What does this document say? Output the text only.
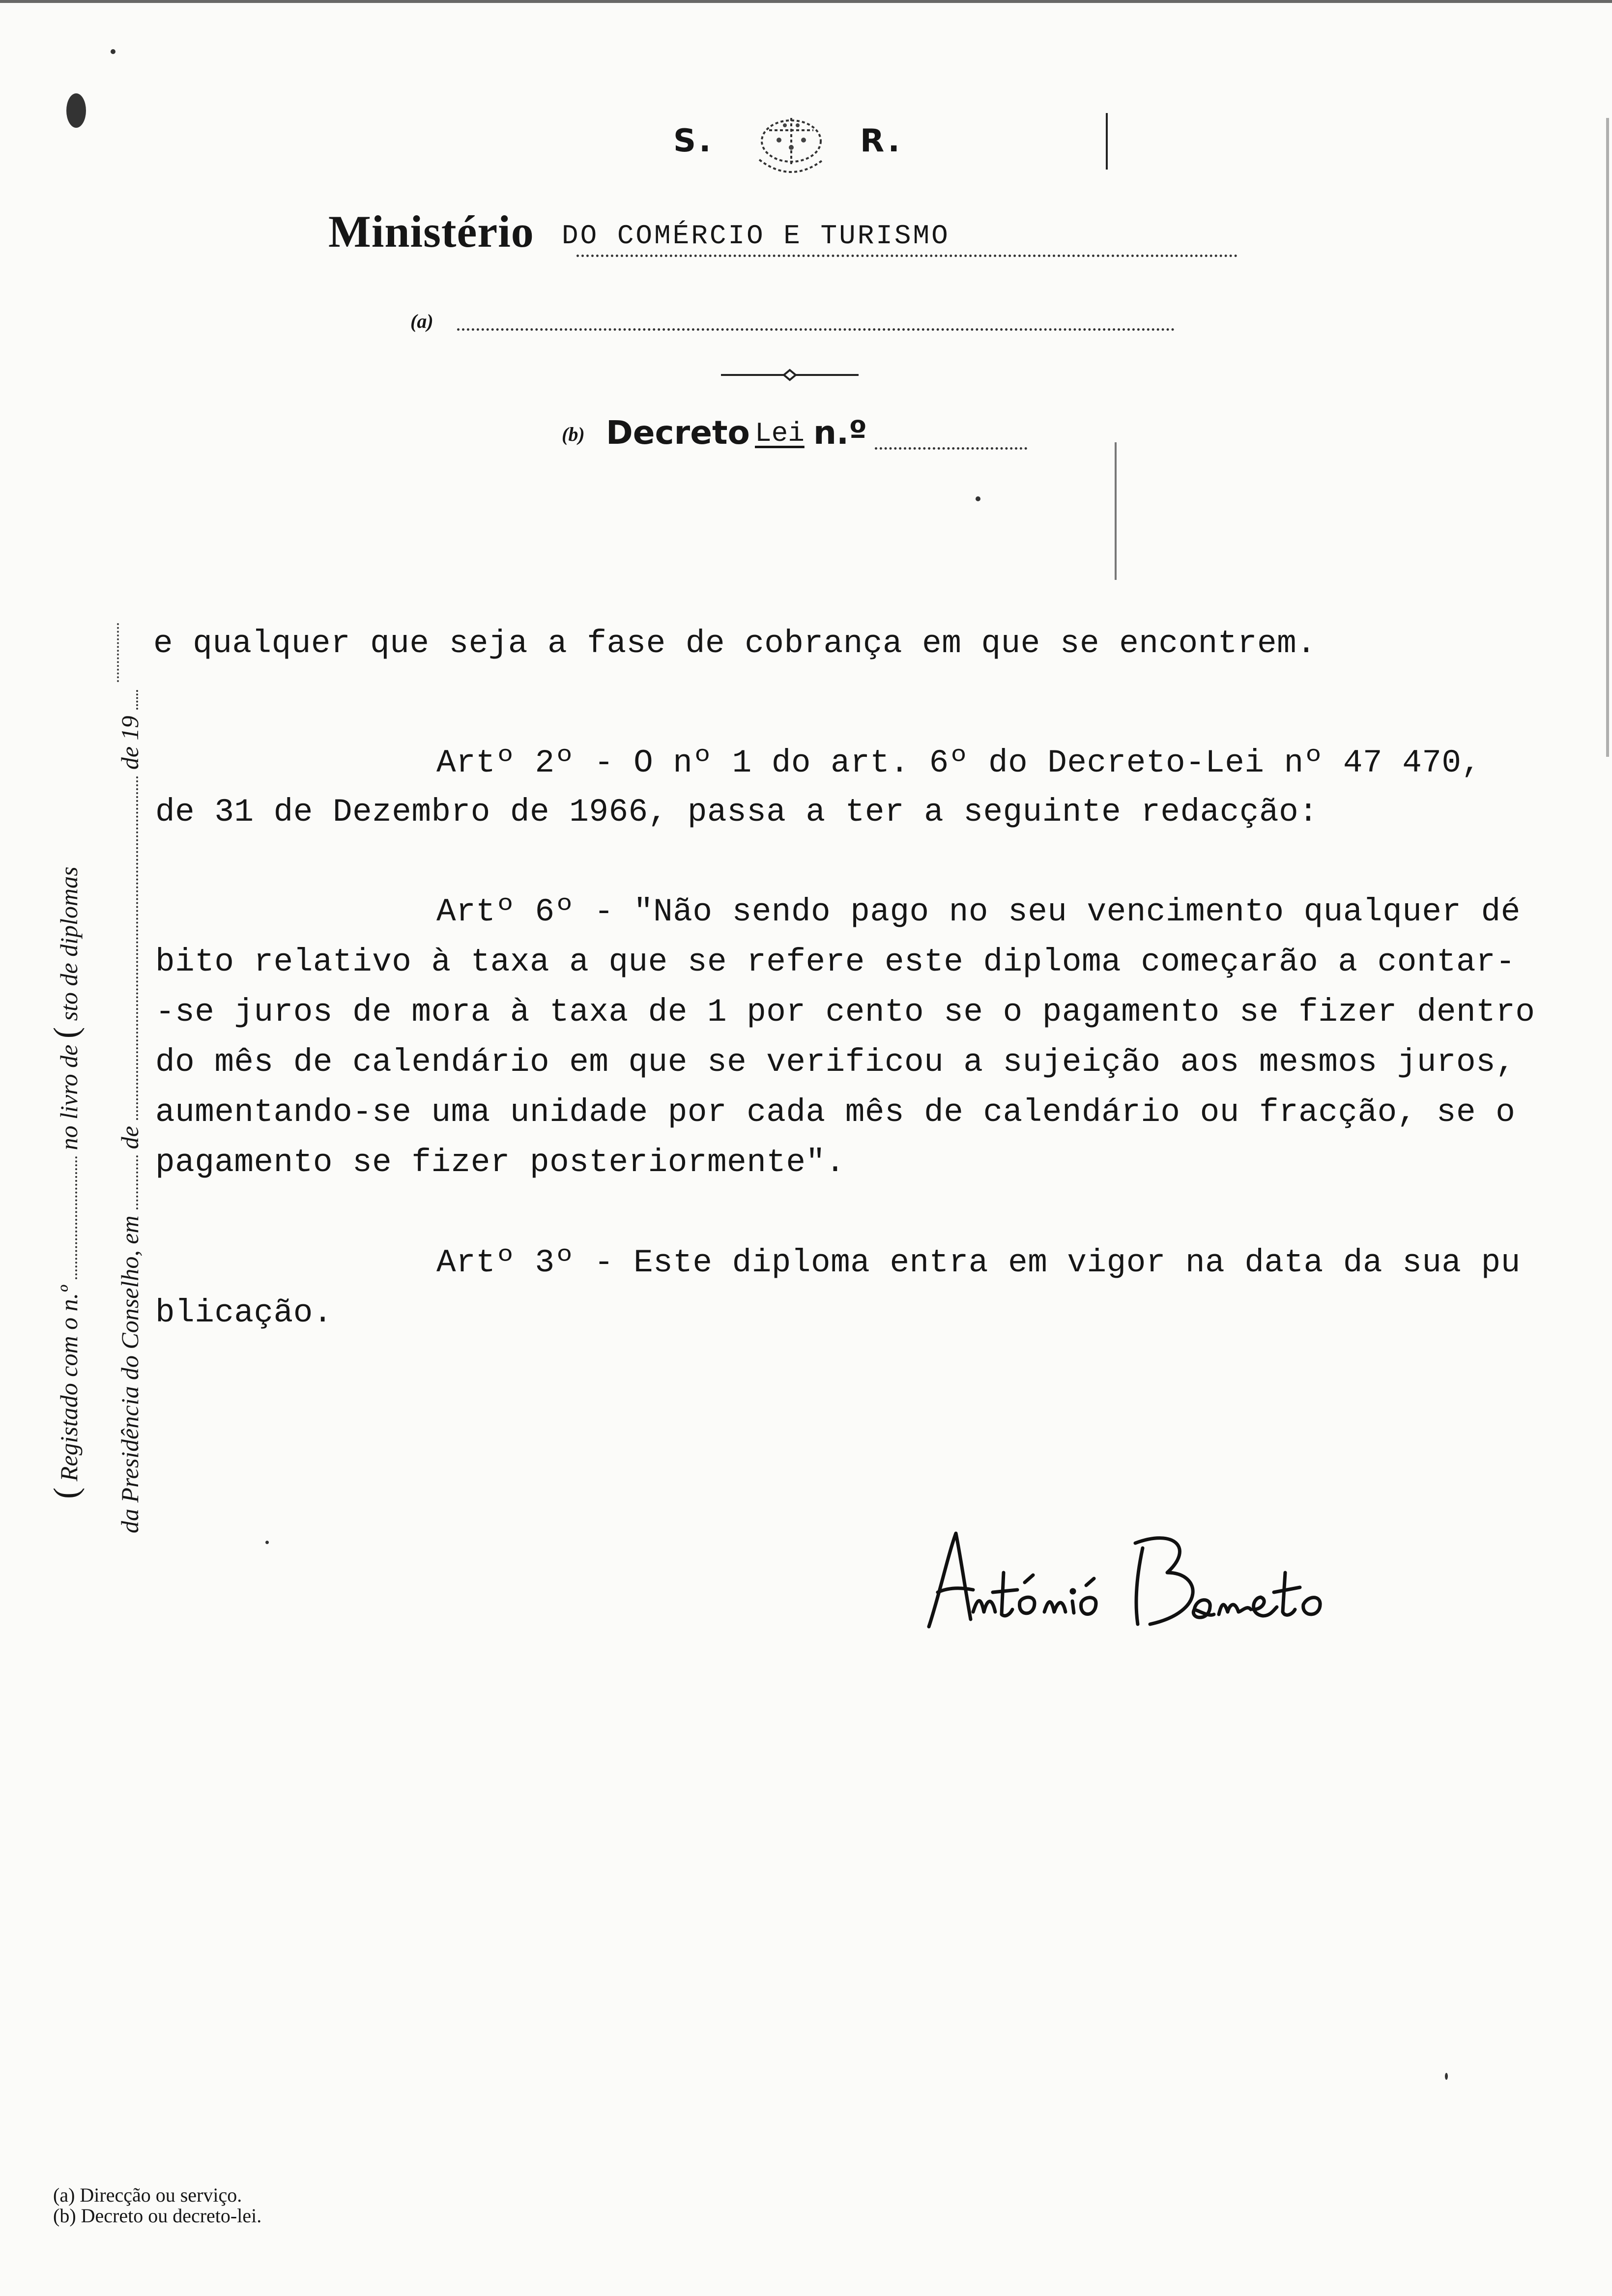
S.	R.
Ministério DO COMÉRCIO E TURISMO
(a)
(b) Decreto Lei n.º
( Registado com o n.º  no livro de ( sto de diplomas
da Presidência do Conselho, em  de  de 19
e qualquer que seja a fase de cobrança em que se encontrem.
Artº 2º - O nº 1 do art. 6º do Decreto-Lei nº 47 470,
de 31 de Dezembro de 1966, passa a ter a seguinte redacção:
Artº 6º - "Não sendo pago no seu vencimento qualquer dé
bito relativo à taxa a que se refere este diploma começarão a contar-
-se juros de mora à taxa de 1 por cento se o pagamento se fizer dentro
do mês de calendário em que se verificou a sujeição aos mesmos juros,
aumentando-se uma unidade por cada mês de calendário ou fracção, se o
pagamento se fizer posteriormente".
Artº 3º - Este diploma entra em vigor na data da sua pu
blicação.
(a) Direcção ou serviço.
(b) Decreto ou decreto-lei.
